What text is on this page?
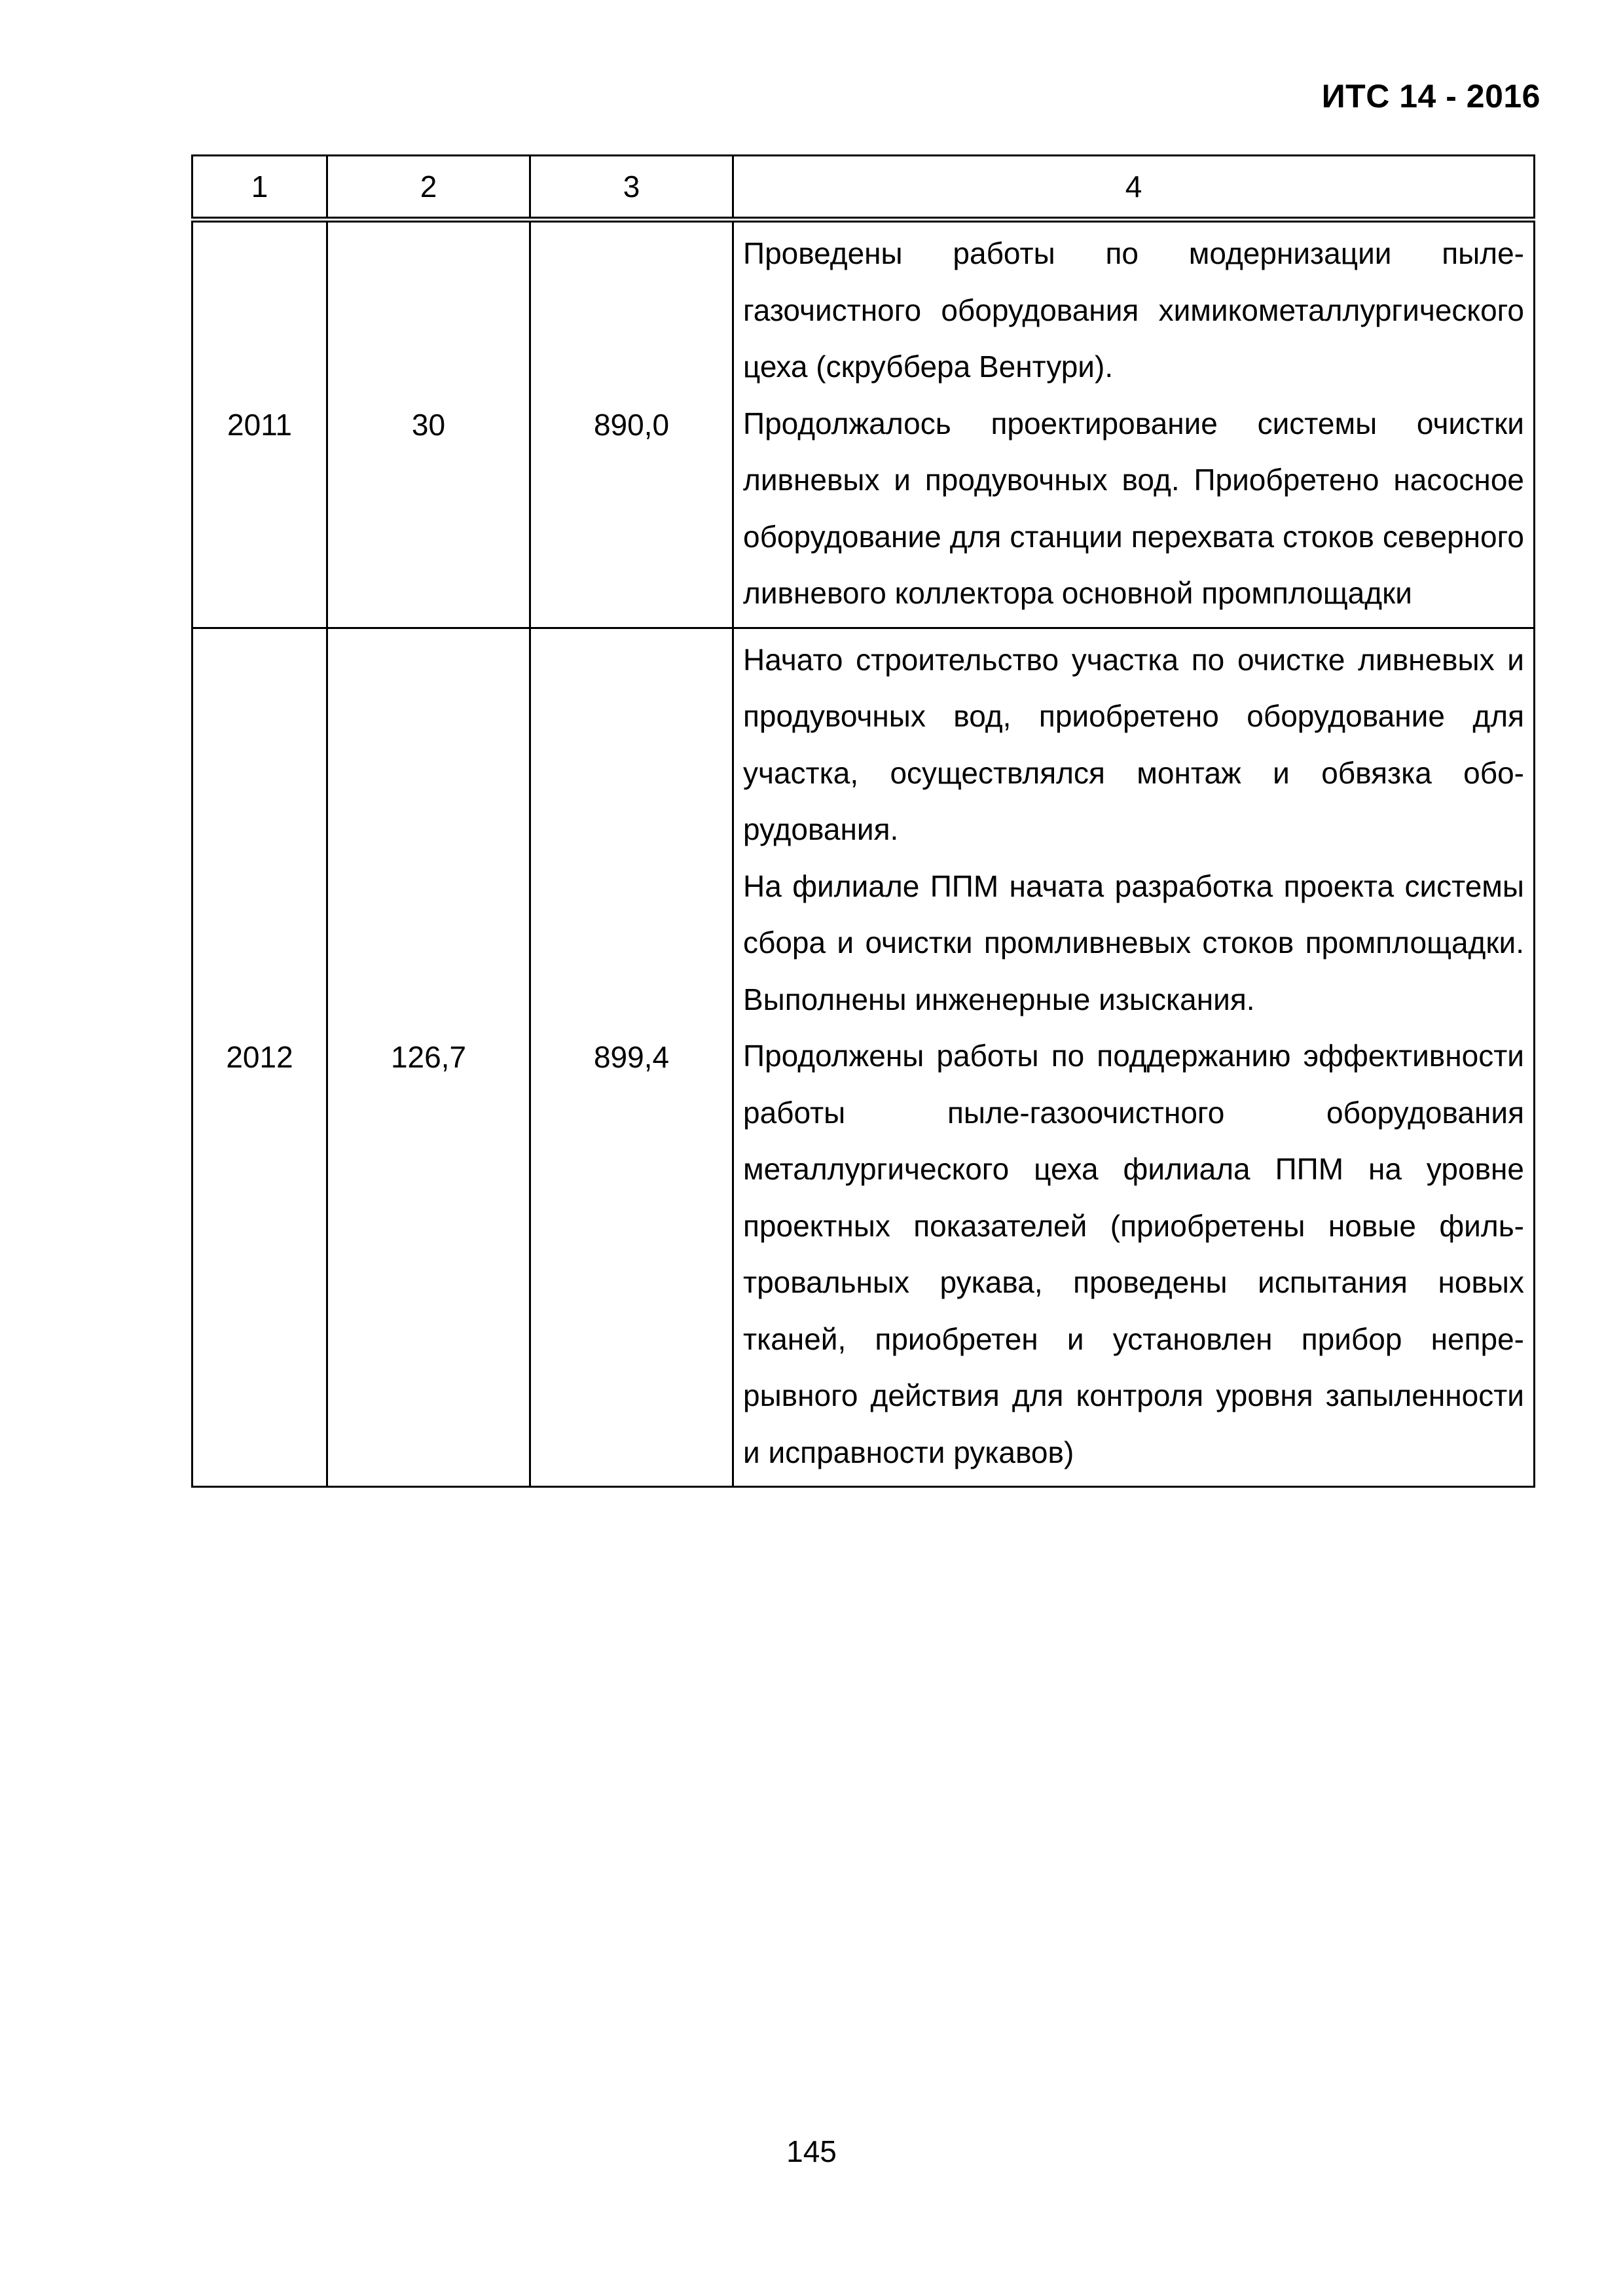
ИТС 14 - 2016
1	2	3	4
2011	30	890,0	Проведены работы по модернизации пылегазочистного оборудования химикометаллургического цеха (скруббера Вентури).

Продолжалось проектирование системы очистки ливневых и продувочных вод. Приобретено насосное оборудование для станции перехвата стоков северного ливневого коллектора основной промплощадки

2012	126,7	899,4	Начато строительство участка по очистке ливневых и продувочных вод, приобретено оборудование для участка, осуществлялся монтаж и обвязка оборудования.

На филиале ППМ начата разработка проекта системы сбора и очистки промливневых стоков промплощадки. Выполнены инженерные изыскания.

Продолжены работы по поддержанию эффективности работы пыле-газоочистного оборудования металлургического цеха филиала ППМ на уровне проектных показателей (приобретены новые фильтровальных рукава, проведены испытания новых тканей, приобретен и установлен прибор непрерывного действия для контроля уровня запыленности и исправности рукавов)

145
